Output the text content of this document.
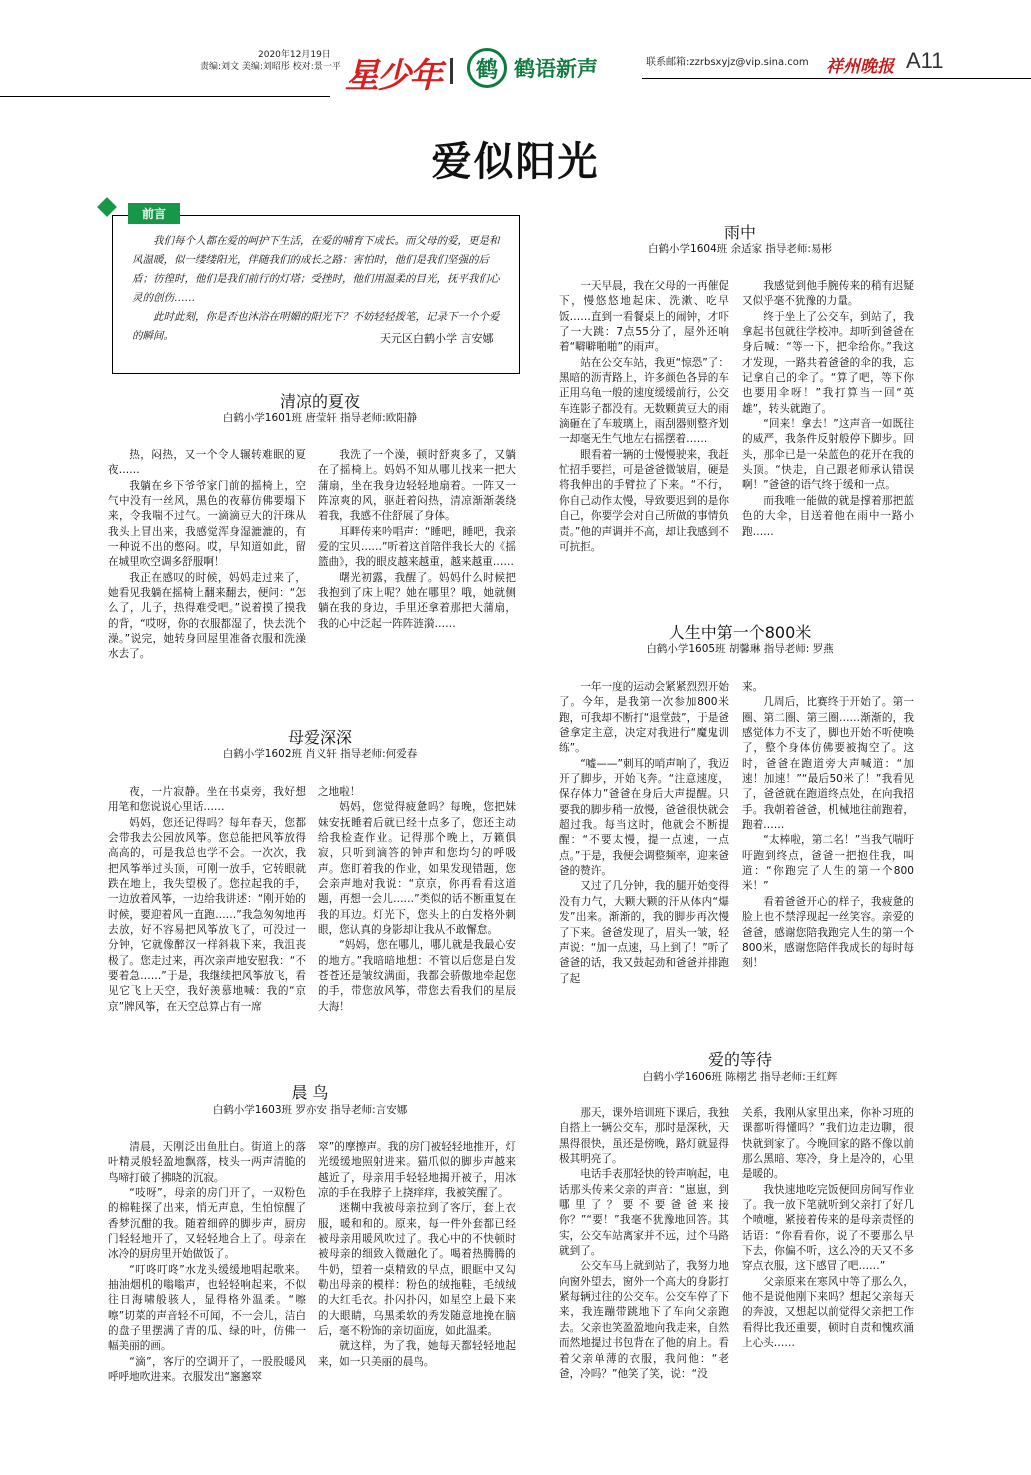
2020年12月19日
责编:刘文 美编:刘昭彤 校对:景一平 星少年	鹤 鹤语新声	联系邮箱:zzrbsxyjz@vip.sina.com 祥州晚报 A11
爱似阳光
前言
我们每个人都在爱的呵护下生活，在爱的哺育下成长。而父母的爱，更是和风温暖，似一缕缕阳光，伴随我们的成长之路：害怕时，他们是我们坚强的后盾；彷徨时，他们是我们前行的灯塔；受挫时，他们用温柔的目光，抚平我们心灵的创伤……
此时此刻，你是否也沐浴在明媚的阳光下？不妨轻轻拨笔，记录下一个个爱的瞬间。	天元区白鹤小学 言安娜
清凉的夏夜
白鹤小学1601班 唐莹轩 指导老师:欧阳静

热，闷热，又一个令人辗转难眠的夏夜……

我躺在乡下爷爷家门前的摇椅上，空气中没有一丝风，黑色的夜幕仿佛要塌下来，令我喘不过气。一滴滴豆大的汗珠从我头上冒出来，我感觉浑身湿漉漉的，有一种说不出的憋闷。哎，早知道如此，留在城里吹空调多舒服啊！

我正在感叹的时候，妈妈走过来了，她看见我躺在摇椅上翻来翻去，便问：“怎么了，儿子，热得难受吧。”说着摸了摸我的背，“哎呀，你的衣服都湿了，快去洗个澡。”说完，她转身回屋里准备衣服和洗澡水去了。

我洗了一个澡，顿时舒爽多了，又躺在了摇椅上。妈妈不知从哪儿找来一把大蒲扇，坐在我身边轻轻地扇着。一阵又一阵凉爽的风，驱赶着闷热，清凉渐渐袭绕着我，我感不住舒展了身体。

耳畔传来吟唱声：“睡吧，睡吧，我亲爱的宝贝……”听着这首陪伴我长大的《摇篮曲》，我的眼皮越来越重，越来越重……

曙光初露，我醒了。妈妈什么时候把我抱到了床上呢？她在哪里？哦，她就侧躺在我的身边，手里还拿着那把大蒲扇，我的心中泛起一阵阵涟漪……

母爱深深
白鹤小学1602班 肖义轩 指导老师:何爱春

夜，一片寂静。坐在书桌旁，我好想用笔和您说说心里话……

妈妈，您还记得吗？每年春天，您都会带我去公园放风筝。您总能把风筝放得高高的，可是我总也学不会。一次次，我把风筝举过头顶，可刚一放手，它转眼就跌在地上，我失望极了。您拉起我的手，一边放着风筝，一边给我讲述：“刚开始的时候，要迎着风一直跑……”我急匆匆地再去放，好不容易把风筝放飞了，可没过一分钟，它就像醉汉一样斜栽下来，我沮丧极了。您走过来，再次亲声地安慰我：“不要着急……”于是，我继续把风筝放飞，看见它飞上天空，我好羡慕地喊：我的“京京”牌风筝，在天空总算占有一席

之地啦！

妈妈，您觉得疲惫吗？每晚，您把妹妹安抚睡着后就已经十点多了，您还主动给我检查作业。记得那个晚上，万籁俱寂，只听到滴答的钟声和您均匀的呼吸声。您盯着我的作业，如果发现错题，您会亲声地对我说：“京京，你再看看这道题，再想一会儿……”类似的话不断重复在我的耳边。灯光下，您头上的白发格外刺眼，您认真的身影却让我从不敢懈怠。

“妈妈，您在哪儿，哪儿就是我最心安的地方。”我暗暗地想：不管以后您是白发苍苍还是皱纹满面，我都会骄傲地牵起您的手，带您放风筝，带您去看我们的星辰大海！

晨 鸟
白鹤小学1603班 罗亦安 指导老师:言安娜

清晨，天刚泛出鱼肚白。街道上的落叶精灵般轻盈地飘落，枝头一两声清脆的鸟啼打破了拂晓的沉寂。

“吱呀”，母亲的房门开了，一双粉色的棉鞋探了出来，悄无声息，生怕惊醒了香梦沉酣的我。随着细碎的脚步声，厨房门轻轻地开了，又轻轻地合上了。母亲在冰冷的厨房里开始做饭了。

“叮咚叮咚”水龙头缓缓地唱起歌来。抽油烟机的嗡嗡声，也轻轻响起来，不似往日海啸般骇人，显得格外温柔。“嚓嚓”切菜的声音轻不可闻，不一会儿，洁白的盘子里摆满了青的瓜、绿的叶，仿佛一幅美丽的画。

“滴”，客厅的空调开了，一股股暖风呼呼地吹进来。衣服发出“窸窸窣

窣”的摩擦声。我的房门被轻轻地推开，灯光缓缓地照射进来。猫爪似的脚步声越来越近了，母亲用手轻轻地揭开被子，用冰凉的手在我脖子上挠痒痒，我被笑醒了。

迷糊中我被母亲拉到了客厅，套上衣服，暖和和的。原来，每一件外套都已经被母亲用暖风吹过了。我心中的不快顿时被母亲的细致入微融化了。喝着热腾腾的牛奶，望着一桌精致的早点，眼眶中又勾勒出母亲的模样：粉色的绒拖鞋，毛绒绒的大红毛衣。扑闪扑闪，如星空上最下来的大眼睛，乌黑柔软的秀发随意地挽在脑后，毫不粉饰的亲切面庞，如此温柔。

就这样，为了我，她每天都轻轻地起来，如一只美丽的晨鸟。

雨中
白鹤小学1604班 余适家 指导老师:易彬

一天早晨，我在父母的一再催促下，慢悠悠地起床、洗漱、吃早饭……直到一看餐桌上的闹钟，才吓了一大跳：7点55分了，屋外还响着“噼噼啪啪”的雨声。

站在公交车站，我更“惊恐”了：黑暗的沥青路上，许多颜色各异的车正用乌龟一般的速度缓缓前行，公交车连影子都没有。无数颗黄豆大的雨滴砸在了车玻璃上，雨刮器则整齐划一却毫无生气地左右摇摆着……

眼看着一辆的士慢慢驶来，我赶忙招手要拦，可是爸爸微皱眉，硬是将我伸出的手臂拉了下来。“不行，你自己动作太慢，导致要迟到的是你自己，你要学会对自己所做的事情负责。”他的声调并不高，却让我感到不可抗拒。

我感觉到他手腕传来的稍有迟疑又似乎毫不犹豫的力量。

终于坐上了公交车，到站了，我拿起书包就往学校冲。却听到爸爸在身后喊：“等一下，把伞给你。”我这才发现，一路共着爸爸的伞的我，忘记拿自己的伞了。“算了吧，等下你也要用伞呀！”我打算当一回“英雄”，转头就跑了。

“回来！拿去！”这声音一如既往的威严，我条件反射般停下脚步。回头，那伞已是一朵蓝色的花开在我的头顶。“快走，自己跟老师承认错误啊！”爸爸的语气终于缓和一点。

而我唯一能做的就是撑着那把蓝色的大伞，目送着他在雨中一路小跑……

人生中第一个800米
白鹤小学1605班 胡馨琳 指导老师: 罗燕

一年一度的运动会紧紧烈烈开始了。今年，是我第一次参加800米跑，可我却不断打“退堂鼓”，于是爸爸拿定主意，决定对我进行“魔鬼训练”。

“嘘——”刺耳的哨声响了，我迈开了脚步，开始飞奔。“注意速度，保存体力”爸爸在身后大声提醒。只要我的脚步稍一放慢，爸爸很快就会超过我。每当这时，他就会不断提醒：“不要太慢，提一点速，一点点。”于是，我便会调整频率，迎来爸爸的赞许。

又过了几分钟，我的腿开始变得没有力气，大颗大颗的汗从体内“爆发”出来。渐渐的，我的脚步再次慢了下来。爸爸发现了，眉头一皱，轻声说：“加一点速，马上到了！”听了爸爸的话，我又鼓起劲和爸爸并排跑了起

来。

几周后，比赛终于开始了。第一圈、第二圈、第三圈……渐渐的，我感觉体力不支了，脚也开始不听使唤了，整个身体仿佛要被掏空了。这时，爸爸在跑道旁大声喊道：“加速！加速！”“最后50米了！”我看见了，爸爸就在跑道终点处，在向我招手。我朝着爸爸，机械地往前跑着，跑着……

“太棒啦，第二名！”当我气喘吁吁跑到终点，爸爸一把抱住我，叫道：“你跑完了人生的第一个800米！”

看着爸爸开心的样子，我疲惫的脸上也不禁浮现起一丝笑容。亲爱的爸爸，感谢您陪我跑完人生的第一个800米，感谢您陪伴我成长的每时每刻！

爱的等待
白鹤小学1606班 陈栩艺 指导老师:王红辉

那天，课外培训班下课后，我独自搭上一辆公交车，那时是深秋，天黑得很快，虽还是傍晚，路灯就显得极其明亮了。

电话手表那轻快的铃声响起，电话那头传来父亲的声音：“崽崽，到哪里了？要不要爸爸来接你？”“要！”我毫不犹豫地回答。其实，公交车站离家并不远，过个马路就到了。

公交车马上就到站了，我努力地向窗外望去，窗外一个高大的身影打紧每辆过往的公交车。公交车停了下来，我连蹦带跳地下了车向父亲跑去。父亲也笑盈盈地向我走来，自然而然地提过书包背在了他的肩上。看着父亲单薄的衣服，我问他：“老爸，冷吗？”他笑了笑，说：“没

关系，我刚从家里出来，你补习班的课都听得懂吗？”我们边走边聊，很快就到家了。今晚回家的路不像以前那么黑暗、寒冷，身上是冷的，心里是暖的。

我快速地吃完饭便回房间写作业了。我一放下笔就听到父亲打了好几个喷嚏，紧接着传来的是母亲责怪的话语：“你看看你，说了不要那么早下去，你偏不听，这么冷的天又不多穿点衣服，这下感冒了吧……”

父亲原来在寒风中等了那么久，他不是说他刚下来吗？想起父亲每天的奔波，又想起以前觉得父亲把工作看得比我还重要，顿时自责和愧疚涌上心头……
